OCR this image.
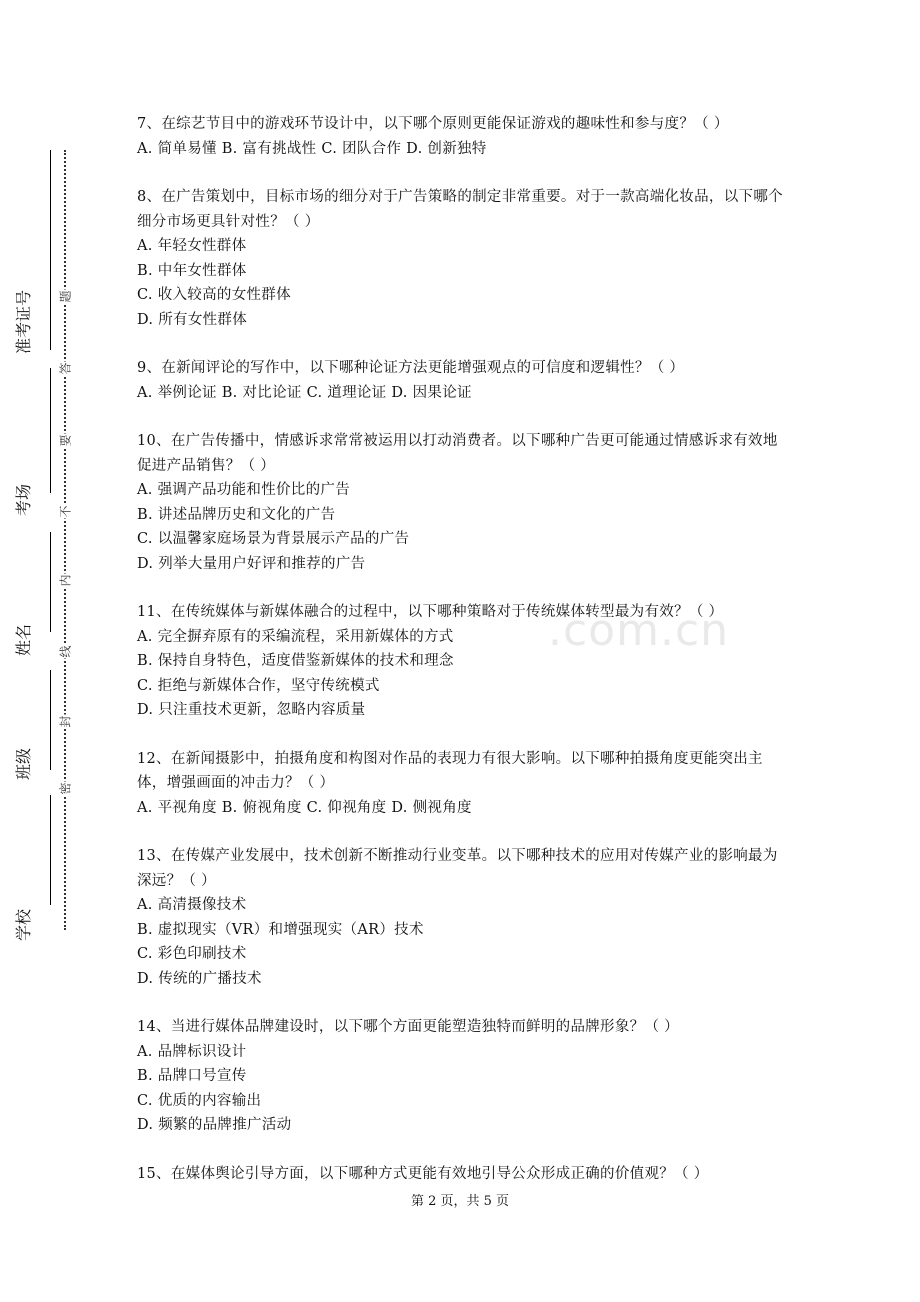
准考证号
考场
姓名
班级
学校
题
答
要
不
内
线
封
密

7、在综艺节目中的游戏环节设计中，以下哪个原则更能保证游戏的趣味性和参与度？（ ）

A. 简单易懂 B. 富有挑战性 C. 团队合作 D. 创新独特

8、在广告策划中，目标市场的细分对于广告策略的制定非常重要。对于一款高端化妆品，以下哪个细分市场更具针对性？（ ）

A. 年轻女性群体

B. 中年女性群体

C. 收入较高的女性群体

D. 所有女性群体

9、在新闻评论的写作中，以下哪种论证方法更能增强观点的可信度和逻辑性？（ ）

A. 举例论证 B. 对比论证 C. 道理论证 D. 因果论证

10、在广告传播中，情感诉求常常被运用以打动消费者。以下哪种广告更可能通过情感诉求有效地促进产品销售？（ ）

A. 强调产品功能和性价比的广告

B. 讲述品牌历史和文化的广告

C. 以温馨家庭场景为背景展示产品的广告

D. 列举大量用户好评和推荐的广告

11、在传统媒体与新媒体融合的过程中，以下哪种策略对于传统媒体转型最为有效？（ ）

A. 完全摒弃原有的采编流程，采用新媒体的方式

B. 保持自身特色，适度借鉴新媒体的技术和理念

C. 拒绝与新媒体合作，坚守传统模式

D. 只注重技术更新，忽略内容质量

12、在新闻摄影中，拍摄角度和构图对作品的表现力有很大影响。以下哪种拍摄角度更能突出主体，增强画面的冲击力？（ ）

A. 平视角度 B. 俯视角度 C. 仰视角度 D. 侧视角度

13、在传媒产业发展中，技术创新不断推动行业变革。以下哪种技术的应用对传媒产业的影响最为深远？（ ）

A. 高清摄像技术

B. 虚拟现实（VR）和增强现实（AR）技术

C. 彩色印刷技术

D. 传统的广播技术

14、当进行媒体品牌建设时，以下哪个方面更能塑造独特而鲜明的品牌形象？（ ）

A. 品牌标识设计

B. 品牌口号宣传

C. 优质的内容输出

D. 频繁的品牌推广活动

15、在媒体舆论引导方面，以下哪种方式更能有效地引导公众形成正确的价值观？（ ）

.com.cn
第 2 页，共 5 页
